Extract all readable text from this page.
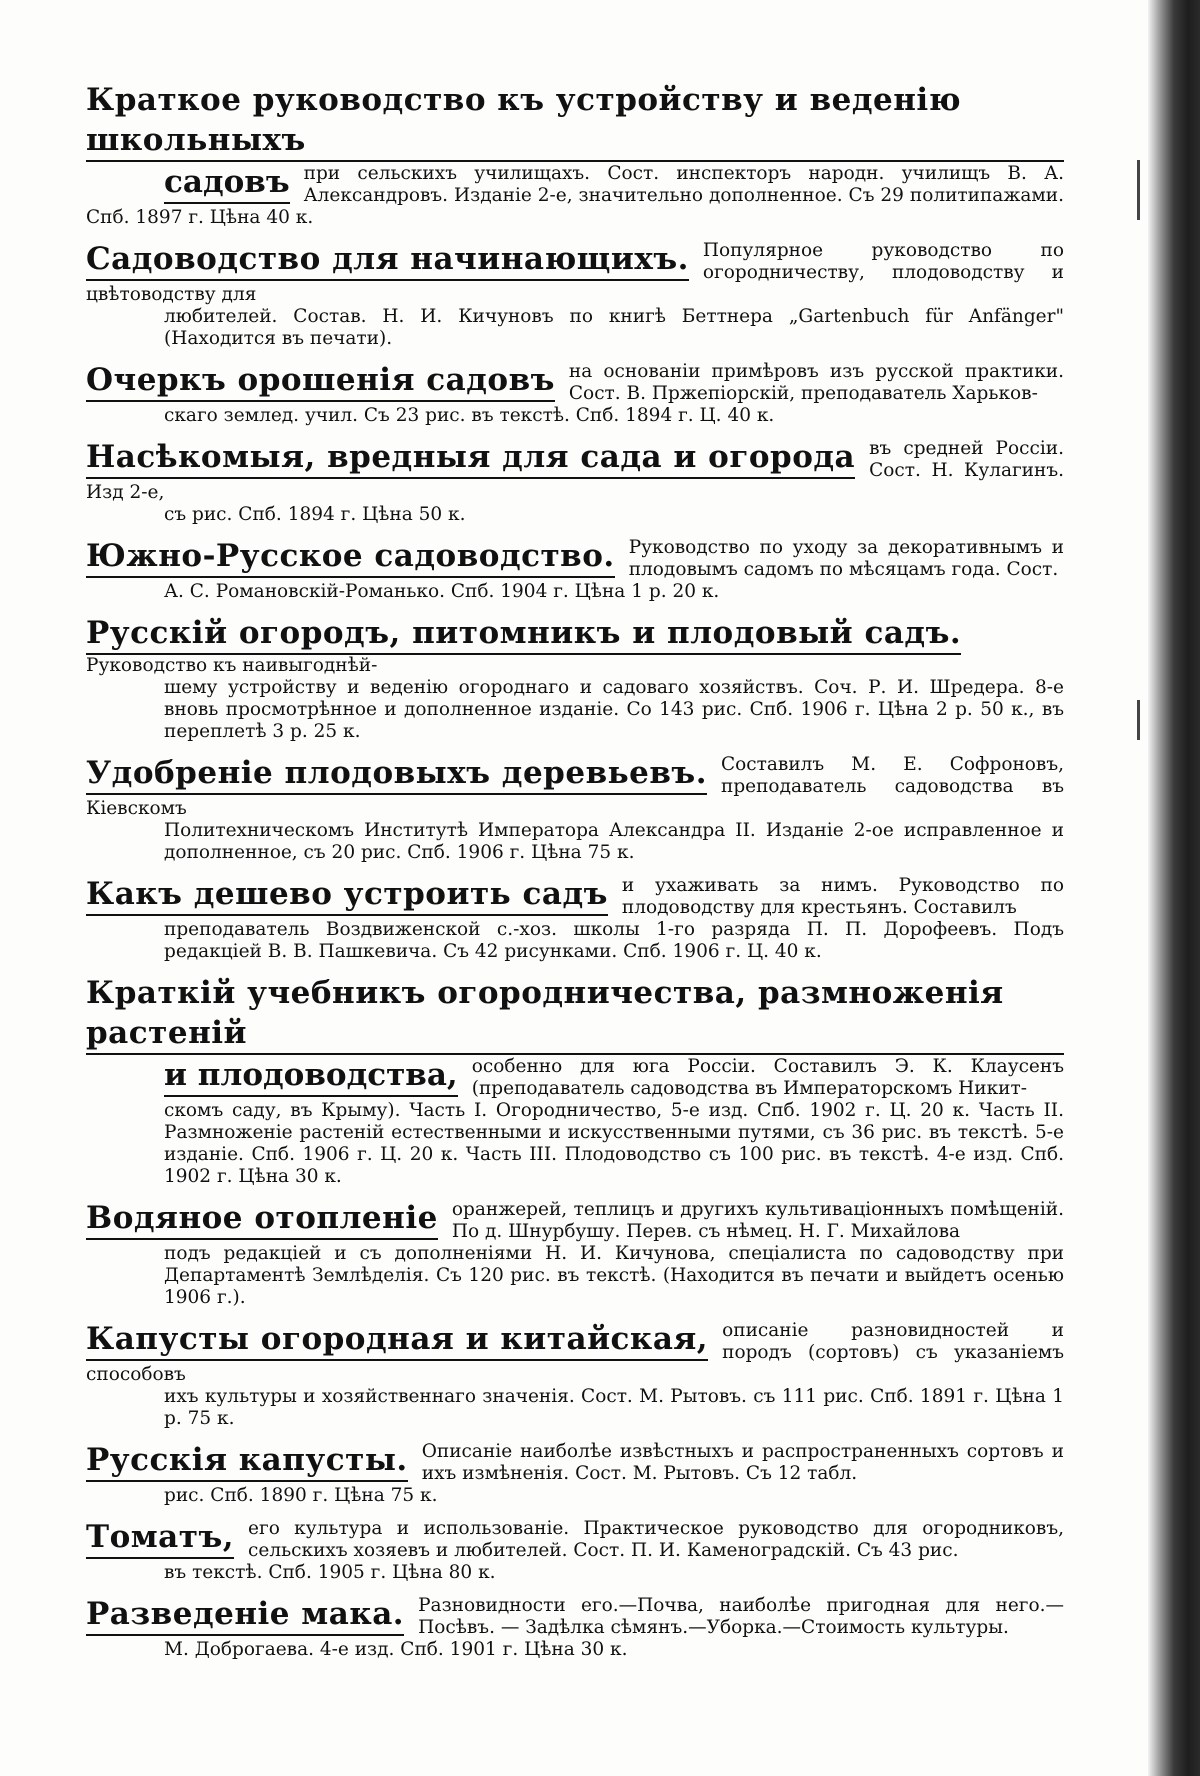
Краткое руководство къ устройству и веденію школьныхъ
садовъ при сельскихъ училищахъ. Сост. инспекторъ народн. училищъ В. А. Александровъ. Изданіе 2-е, значительно дополненное. Съ 29 политипажами. Спб. 1897 г. Цѣна 40 к.
Садоводство для начинающихъ. Популярное руководство по огородничеству, плодоводству и цвѣтоводству для
любителей. Состав. Н. И. Кичуновъ по книгѣ Беттнера „Gartenbuch für Anfänger" (Находится въ печати).
Очеркъ орошенія садовъ на основаніи примѣровъ изъ русской практики. Сост. В. Пржепіорскій, преподаватель Харьков-
скаго землед. учил. Съ 23 рис. въ текстѣ. Спб. 1894 г. Ц. 40 к.
Насѣкомыя, вредныя для сада и огорода въ средней Россіи. Сост. Н. Кулагинъ. Изд 2-е,
съ рис. Спб. 1894 г. Цѣна 50 к.
Южно-Русское садоводство. Руководство по уходу за декоративнымъ и плодовымъ садомъ по мѣсяцамъ года. Сост.
А. С. Романовскій-Романько. Спб. 1904 г. Цѣна 1 р. 20 к.
Русскій огородъ, питомникъ и плодовый садъ.
Руководство къ наивыгоднѣй-
шему устройству и веденію огороднаго и садоваго хозяйствъ. Соч. Р. И. Шредера. 8-е вновь просмотрѣнное и дополненное изданіе. Со 143 рис. Спб. 1906 г. Цѣна 2 р. 50 к., въ переплетѣ 3 р. 25 к.
Удобреніе плодовыхъ деревьевъ. Составилъ М. Е. Софроновъ, преподаватель садоводства въ Кіевскомъ
Политехническомъ Институтѣ Императора Александра II. Изданіе 2-ое исправленное и дополненное, съ 20 рис. Спб. 1906 г. Цѣна 75 к.
Какъ дешево устроить садъ и ухаживать за нимъ. Руководство по плодоводству для крестьянъ. Составилъ
преподаватель Воздвиженской с.-хоз. школы 1-го разряда П. П. Дорофеевъ. Подъ редакціей В. В. Пашкевича. Съ 42 рисунками. Спб. 1906 г. Ц. 40 к.
Краткій учебникъ огородничества, размноженія растеній
и плодоводства, особенно для юга Россіи. Составилъ Э. К. Клаусенъ (преподаватель садоводства въ Императорскомъ Никит-
скомъ саду, въ Крыму). Часть I. Огородничество, 5-е изд. Спб. 1902 г. Ц. 20 к. Часть II. Размноженіе растеній естественными и искусственными путями, съ 36 рис. въ текстѣ. 5-е изданіе. Спб. 1906 г. Ц. 20 к. Часть III. Плодоводство съ 100 рис. въ текстѣ. 4-е изд. Спб. 1902 г. Цѣна 30 к.
Водяное отопленіе оранжерей, теплицъ и другихъ культиваціонныхъ помѣщеній. По д. Шнурбушу. Перев. съ нѣмец. Н. Г. Михайлова
подъ редакціей и съ дополненіями Н. И. Кичунова, спеціалиста по садоводству при Департаментѣ Землѣделія. Съ 120 рис. въ текстѣ. (Находится въ печати и выйдетъ осенью 1906 г.).
Капусты огородная и китайская, описаніе разновидностей и породъ (сортовъ) съ указаніемъ способовъ
ихъ культуры и хозяйственнаго значенія. Сост. М. Рытовъ. съ 111 рис. Спб. 1891 г. Цѣна 1 р. 75 к.
Русскія капусты. Описаніе наиболѣе извѣстныхъ и распространенныхъ сортовъ и ихъ измѣненія. Сост. М. Рытовъ. Съ 12 табл.
рис. Спб. 1890 г. Цѣна 75 к.
Томатъ, его культура и использованіе. Практическое руководство для огородниковъ, сельскихъ хозяевъ и любителей. Сост. П. И. Каменоградскій. Съ 43 рис.
въ текстѣ. Спб. 1905 г. Цѣна 80 к.
Разведеніе мака. Разновидности его.—Почва, наиболѣе пригодная для него.—Посѣвъ. — Задѣлка сѣмянъ.—Уборка.—Стоимость культуры.
М. Доброгаева. 4-е изд. Спб. 1901 г. Цѣна 30 к.
